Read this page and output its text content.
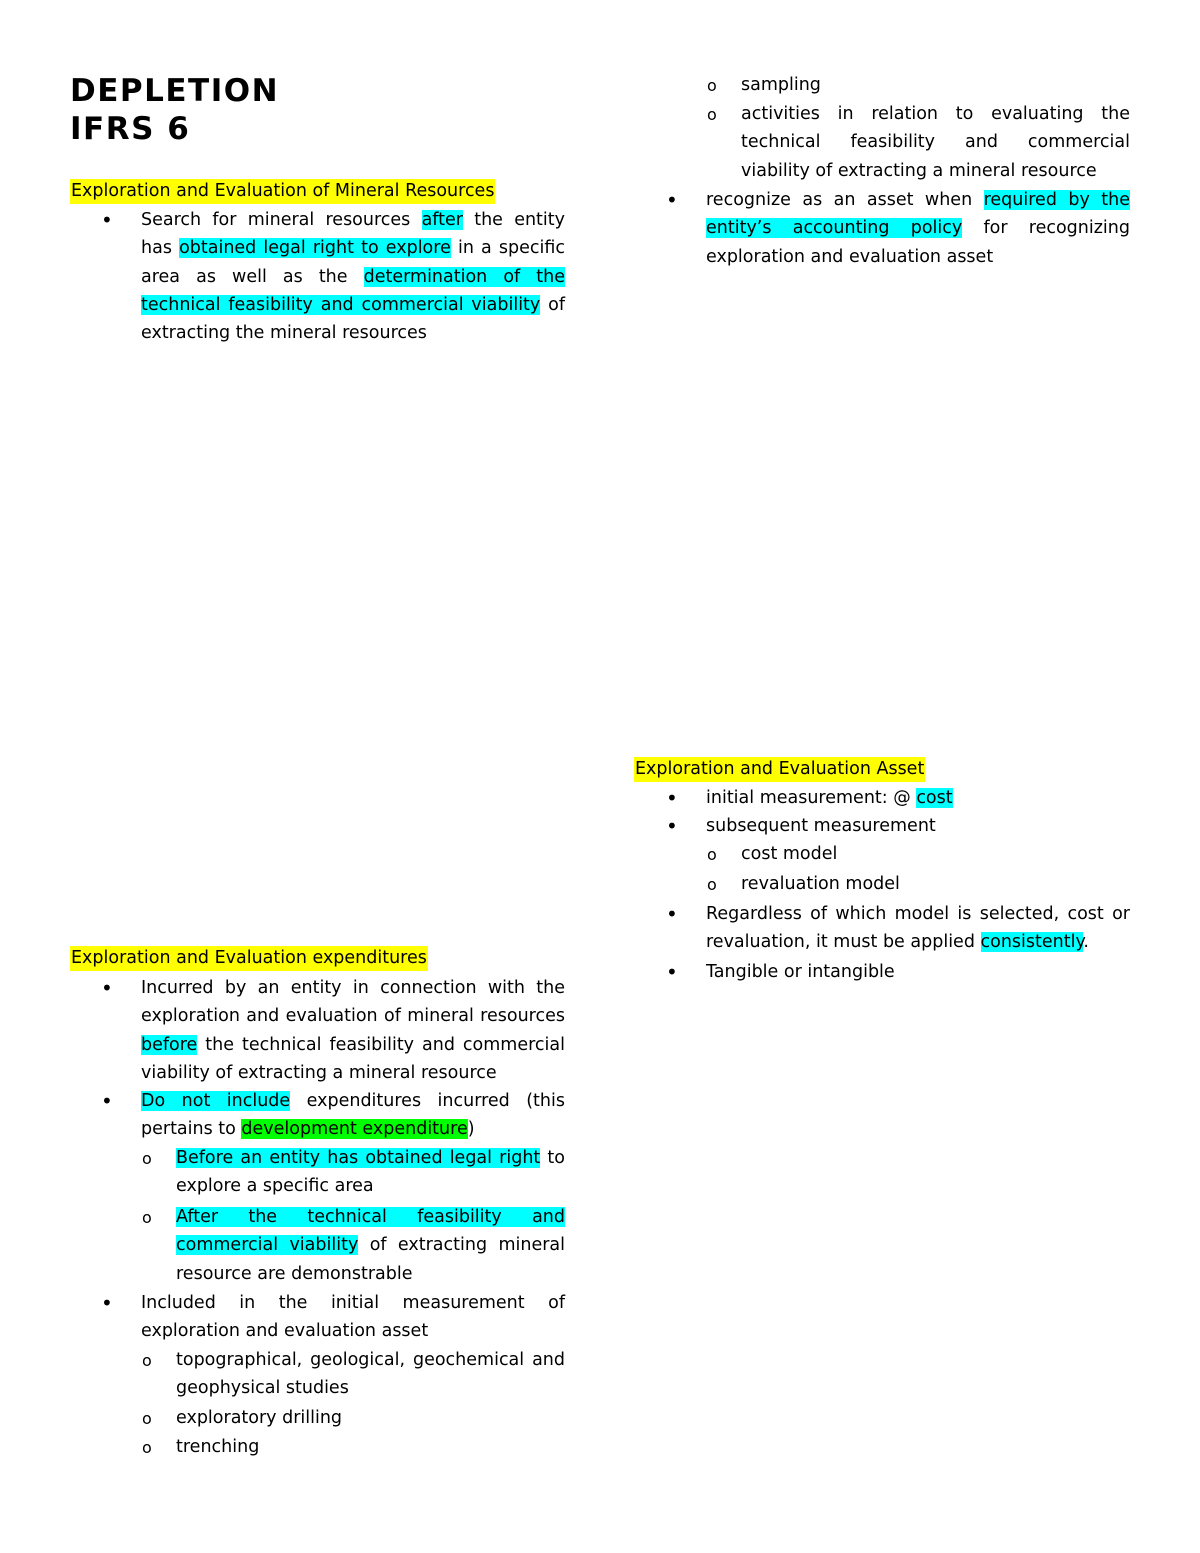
DEPLETION
IFRS 6
Exploration and Evaluation of Mineral Resources
• Search for mineral resources after the entity has obtained legal right to explore in a specific area as well as the determination of the technical feasibility and commercial viability of extracting the mineral resources
Exploration and Evaluation expenditures
• Incurred by an entity in connection with the exploration and evaluation of mineral resources before the technical feasibility and commercial viability of extracting a mineral resource
• Do not include expenditures incurred (this pertains to development expenditure)
o Before an entity has obtained legal right to explore a specific area
o After the technical feasibility and commercial viability of extracting mineral resource are demonstrable
• Included in the initial measurement of exploration and evaluation asset
o topographical, geological, geochemical and geophysical studies
o exploratory drilling
o trenching
o sampling
o activities in relation to evaluating the technical feasibility and commercial viability of extracting a mineral resource
• recognize as an asset when required by the entity’s accounting policy for recognizing exploration and evaluation asset
Exploration and Evaluation Asset
• initial measurement: @ cost
• subsequent measurement
o cost model
o revaluation model
• Regardless of which model is selected, cost or revaluation, it must be applied consistently.
• Tangible or intangible
